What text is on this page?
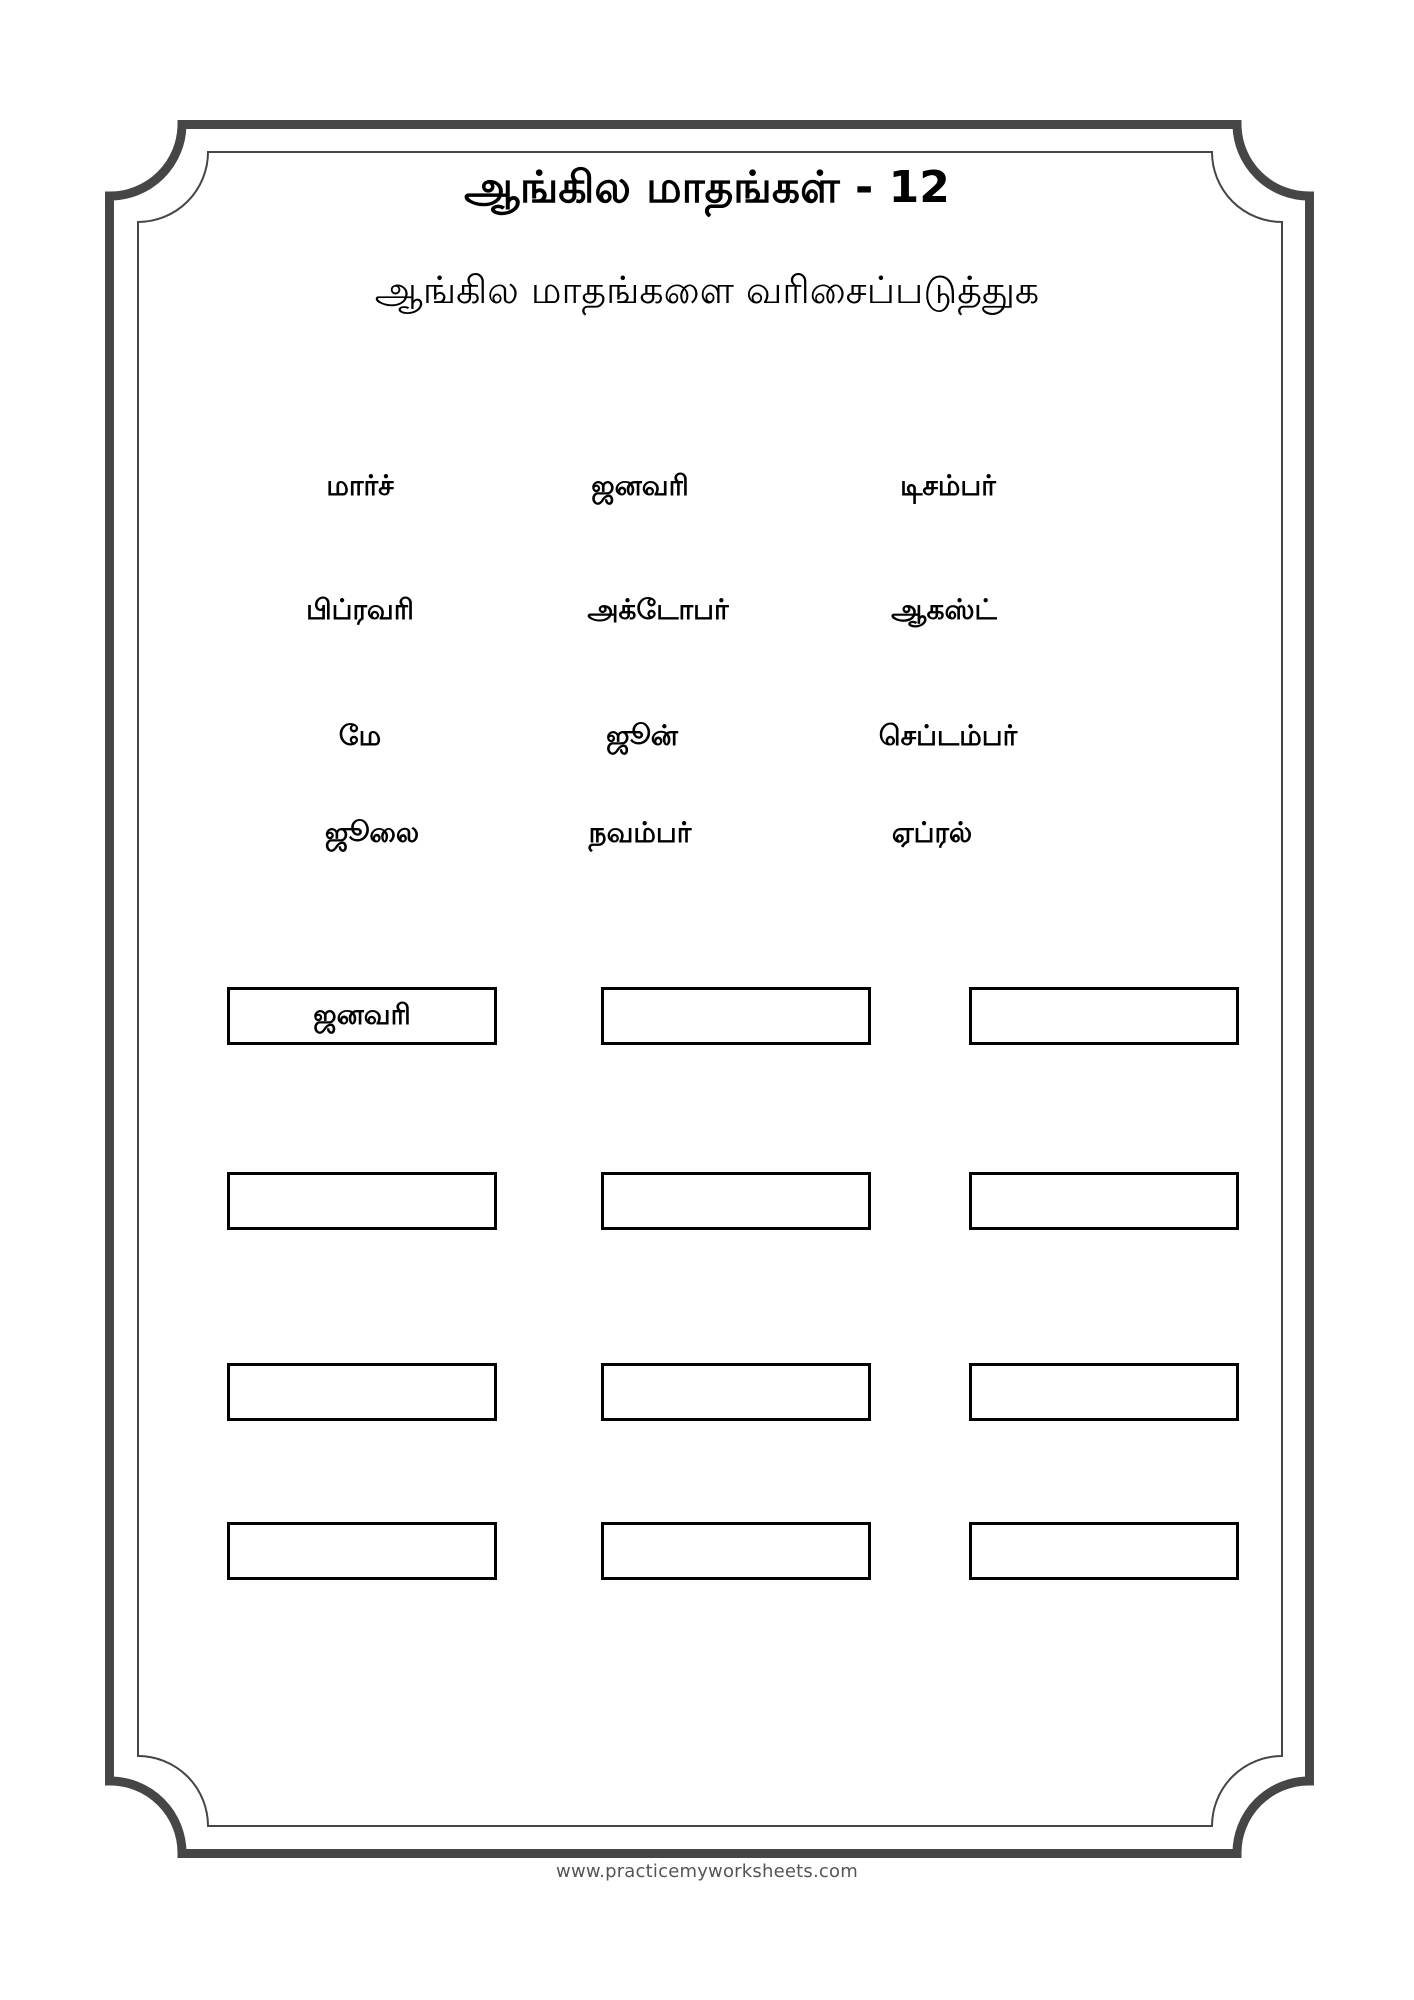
ஆங்கில மாதங்கள் - 12
ஆங்கில மாதங்களை வரிசைப்படுத்துக
மார்ச்	ஜனவரி	டிசம்பர்
பிப்ரவரி	அக்டோபர்	ஆகஸ்ட்
மே	ஜூன்	செப்டம்பர்
ஜூலை	நவம்பர்	ஏப்ரல்
ஜனவரி
www.practicemyworksheets.com
